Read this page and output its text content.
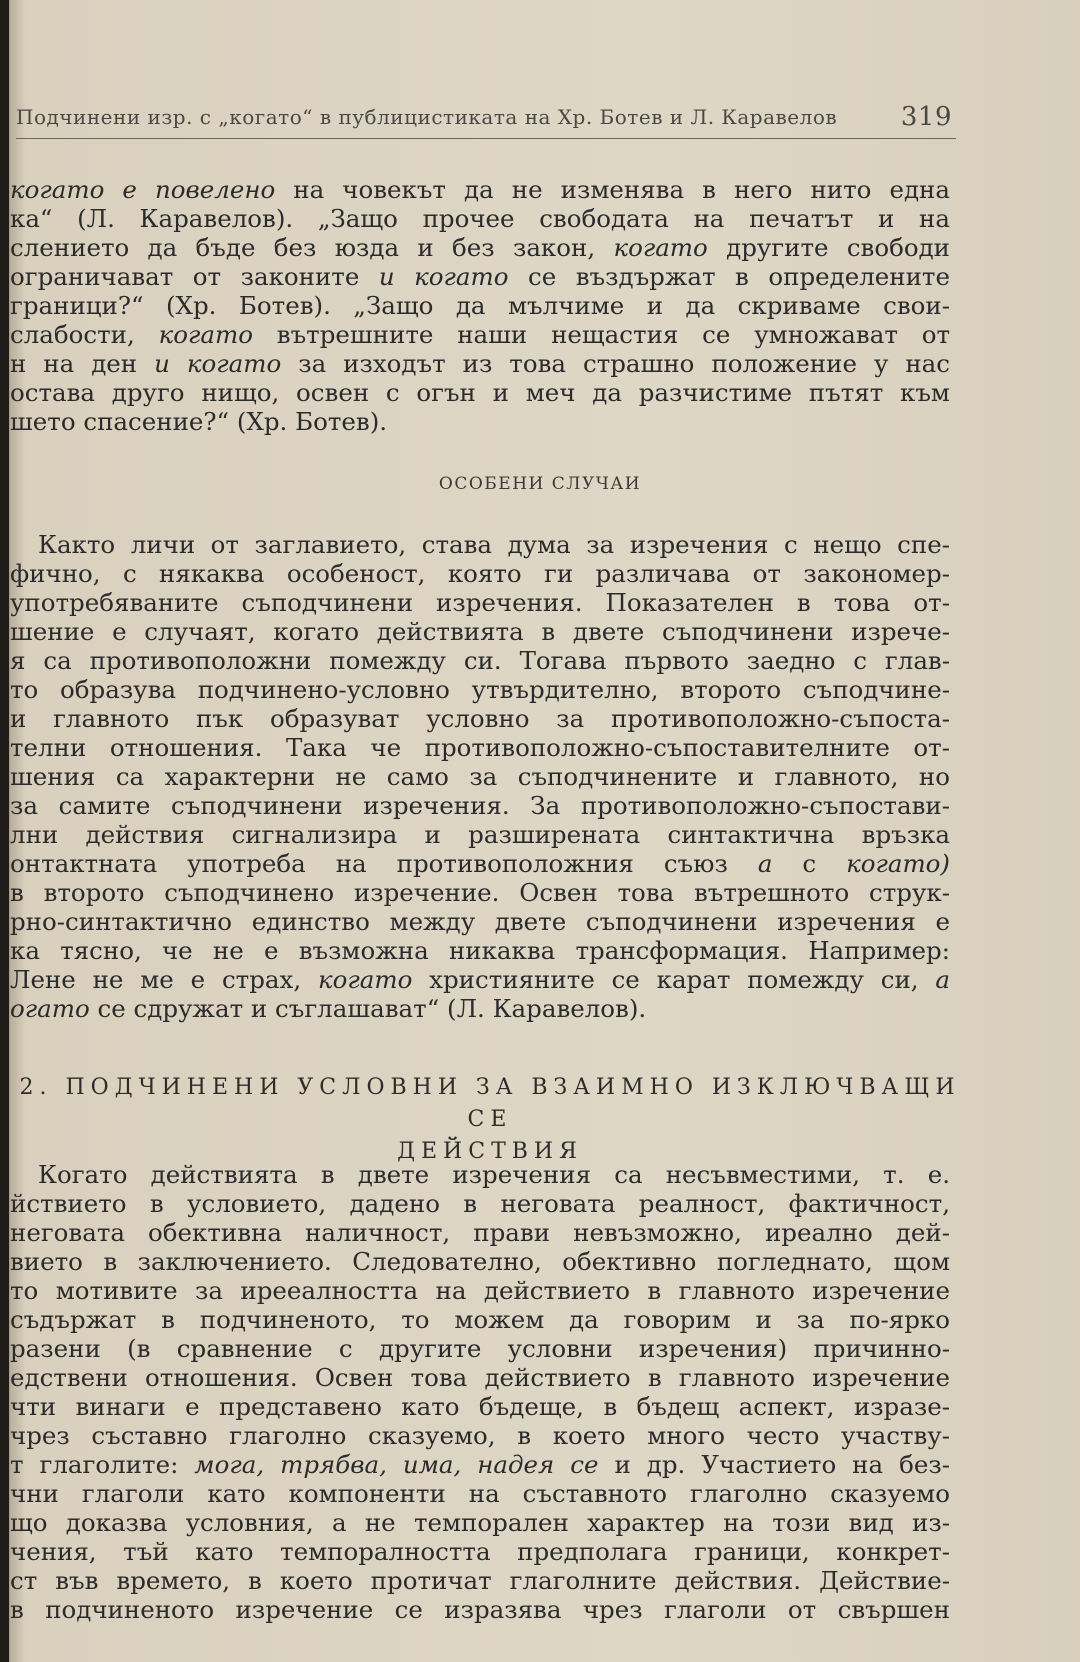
Подчинени изр. с „когато“ в публицистиката на Хр. Ботев и Л. Каравелов 319
когато е повелено на човекът да не изменява в него нито една
ка“ (Л. Каравелов). „Защо прочее свободата на печатът и на
слението да бъде без юзда и без закон, когато другите свободи
ограничават от законите и когато се въздържат в определените
граници?“ (Хр. Ботев). „Защо да мълчиме и да скриваме свои-
слабости, когато вътрешните наши нещастия се умножават от
н на ден и когато за изходът из това страшно положение у нас
остава друго нищо, освен с огън и меч да разчистиме пътят към
шето спасение?“ (Хр. Ботев).
ОСОБЕНИ СЛУЧАИ
Както личи от заглавието, става дума за изречения с нещо спе-
фично, с някаква особеност, която ги различава от закономер-
употребяваните съподчинени изречения. Показателен в това от-
шение е случаят, когато действията в двете съподчинени изрече-
я са противоположни помежду си. Тогава първото заедно с глав-
то образува подчинено-условно утвърдително, второто съподчине-
и главното пък образуват условно за противоположно-съпоста-
телни отношения. Така че противоположно-съпоставителните от-
шения са характерни не само за съподчинените и главното, но
за самите съподчинени изречения. За противоположно-съпостави-
лни действия сигнализира и разширената синтактична връзка
онтактната употреба на противоположния съюз а с когато)
в второто съподчинено изречение. Освен това вътрешното струк-
рно-синтактично единство между двете съподчинени изречения е
ка тясно, че не е възможна никаква трансформация. Например:
Лене не ме е страх, когато християните се карат помежду си, а
огато се сдружат и съглашават“ (Л. Каравелов).
2. ПОДЧИНЕНИ УСЛОВНИ ЗА ВЗАИМНО ИЗКЛЮЧВАЩИ СЕ
ДЕЙСТВИЯ
Когато действията в двете изречения са несъвместими, т. е.
йствието в условието, дадено в неговата реалност, фактичност,
неговата обективна наличност, прави невъзможно, иреално дей-
вието в заключението. Следователно, обективно погледнато, щом
то мотивите за ирееалността на действието в главното изречение
съдържат в подчиненото, то можем да говорим и за по-ярко
разени (в сравнение с другите условни изречения) причинно-
едствени отношения. Освен това действието в главното изречение
чти винаги е представено като бъдеще, в бъдещ аспект, изразе-
чрез съставно глаголно сказуемо, в което много често участву-
т глаголите: мога, трябва, има, надея се и др. Участието на без-
чни глаголи като компоненти на съставното глаголно сказуемо
що доказва условния, а не темпорален характер на този вид из-
чения, тъй като темпоралността предполага граници, конкрет-
ст във времето, в което протичат глаголните действия. Действие-
в подчиненото изречение се изразява чрез глаголи от свършен
